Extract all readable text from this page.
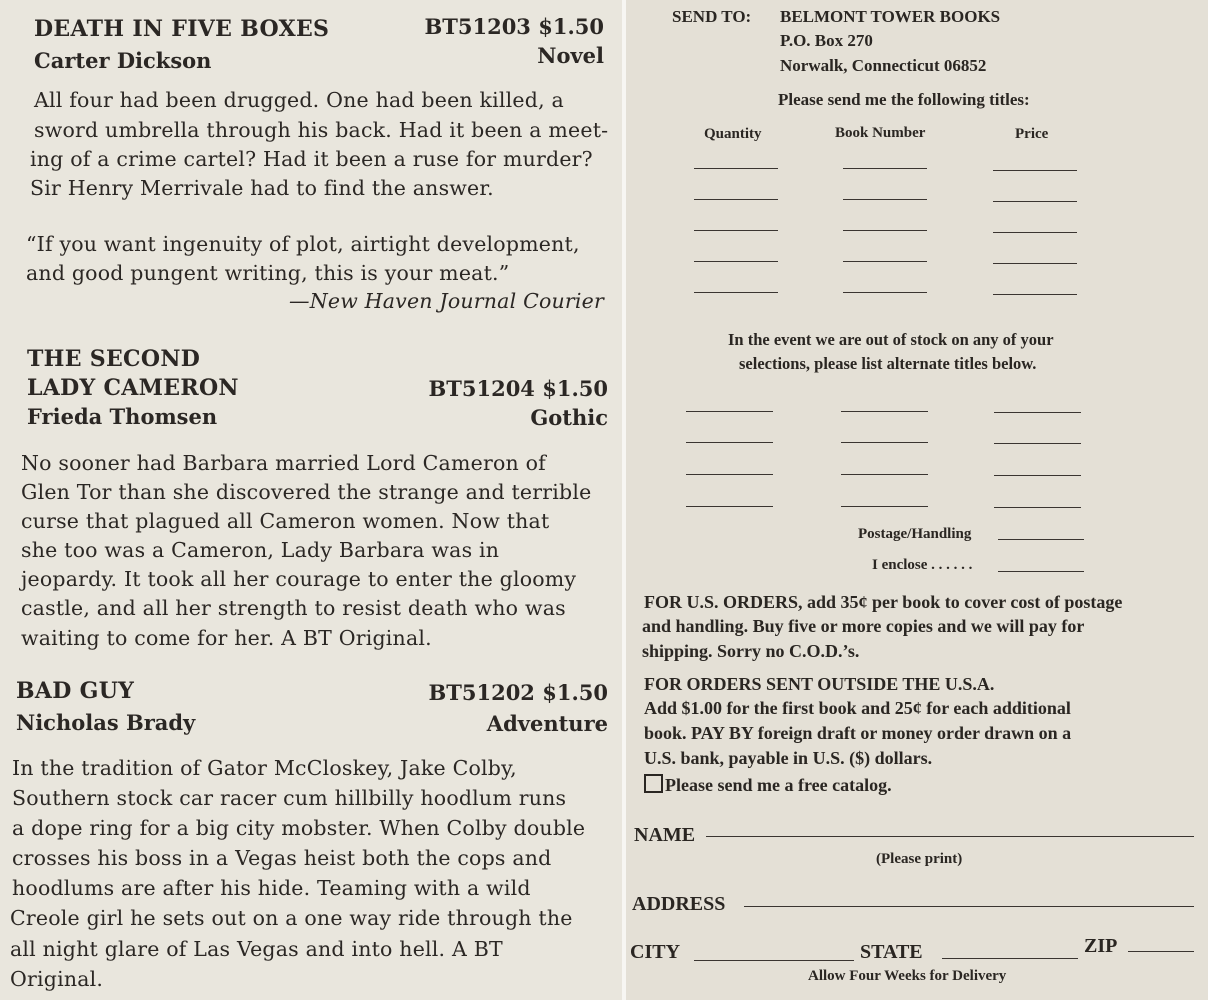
DEATH IN FIVE BOXES	BT51203 $1.50
Carter Dickson	Novel
All four had been drugged. One had been killed, a
sword umbrella through his back. Had it been a meet-
ing of a crime cartel? Had it been a ruse for murder?
Sir Henry Merrivale had to find the answer.
“If you want ingenuity of plot, airtight development,
and good pungent writing, this is your meat.”
—New Haven Journal Courier
THE SECOND
LADY CAMERON	BT51204 $1.50
Frieda Thomsen	Gothic
No sooner had Barbara married Lord Cameron of
Glen Tor than she discovered the strange and terrible
curse that plagued all Cameron women. Now that
she too was a Cameron, Lady Barbara was in
jeopardy. It took all her courage to enter the gloomy
castle, and all her strength to resist death who was
waiting to come for her. A BT Original.
BAD GUY	BT51202 $1.50
Nicholas Brady	Adventure
In the tradition of Gator McCloskey, Jake Colby,
Southern stock car racer cum hillbilly hoodlum runs
a dope ring for a big city mobster. When Colby double
crosses his boss in a Vegas heist both the cops and
hoodlums are after his hide. Teaming with a wild
Creole girl he sets out on a one way ride through the
all night glare of Las Vegas and into hell. A BT
Original.
SEND TO: BELMONT TOWER BOOKS
P.O. Box 270
Norwalk, Connecticut 06852
Please send me the following titles:
Quantity	Book Number	Price
In the event we are out of stock on any of your
selections, please list alternate titles below.
Postage/Handling
I enclose . . . . . .
FOR U.S. ORDERS, add 35¢ per book to cover cost of postage
and handling. Buy five or more copies and we will pay for
shipping. Sorry no C.O.D.’s.
FOR ORDERS SENT OUTSIDE THE U.S.A.
Add $1.00 for the first book and 25¢ for each additional
book. PAY BY foreign draft or money order drawn on a
U.S. bank, payable in U.S. ($) dollars.
Please send me a free catalog.
NAME
(Please print)
ADDRESS
CITY	STATE	ZIP
Allow Four Weeks for Delivery
